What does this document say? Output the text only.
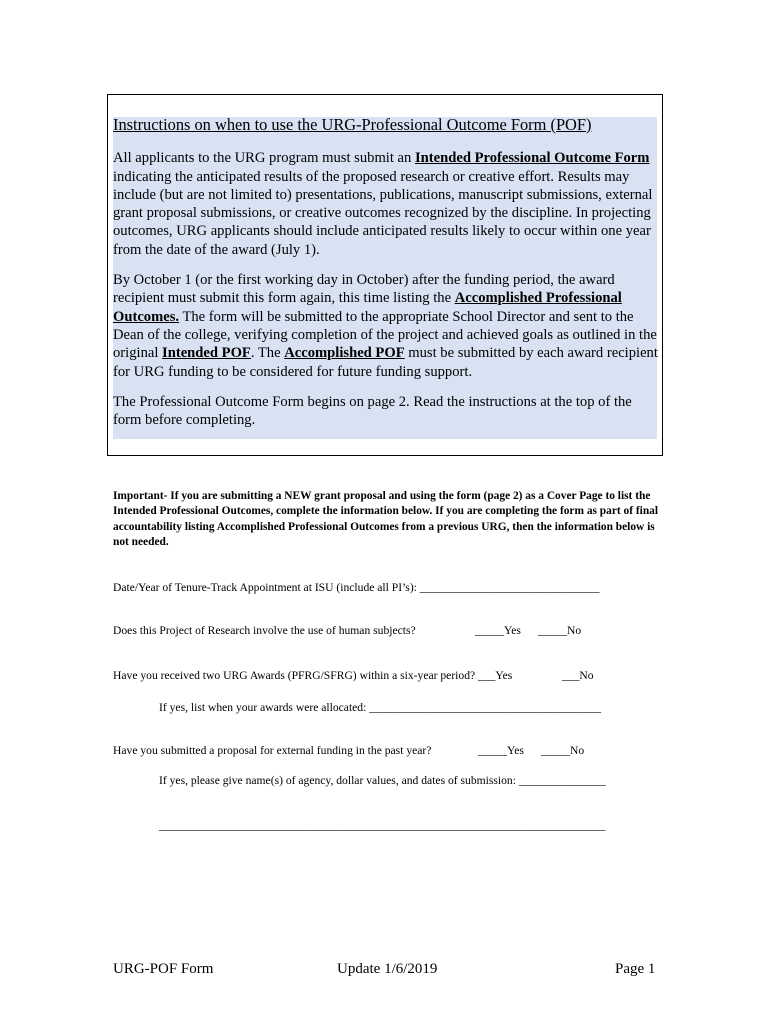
Instructions on when to use the URG-Professional Outcome Form (POF)

All applicants to the URG program must submit an Intended Professional Outcome Form indicating the anticipated results of the proposed research or creative effort. Results may include (but are not limited to) presentations, publications, manuscript submissions, external grant proposal submissions, or creative outcomes recognized by the discipline. In projecting outcomes, URG applicants should include anticipated results likely to occur within one year from the date of the award (July 1).

By October 1 (or the first working day in October) after the funding period, the award recipient must submit this form again, this time listing the Accomplished Professional Outcomes. The form will be submitted to the appropriate School Director and sent to the Dean of the college, verifying completion of the project and achieved goals as outlined in the original Intended POF. The Accomplished POF must be submitted by each award recipient for URG funding to be considered for future funding support.

The Professional Outcome Form begins on page 2. Read the instructions at the top of the form before completing.

Important- If you are submitting a NEW grant proposal and using the form (page 2) as a Cover Page to list the Intended Professional Outcomes, complete the information below. If you are completing the form as part of final accountability listing Accomplished Professional Outcomes from a previous URG, then the information below is not needed.
Date/Year of Tenure-Track Appointment at ISU (include all PI’s): _______________________________
Does this Project of Research involve the use of human subjects?	_____Yes _____No
Have you received two URG Awards (PFRG/SFRG) within a six-year period? ___Yes	___No
If yes, list when your awards were allocated: ________________________________________
Have you submitted a proposal for external funding in the past year?	_____Yes _____No
If yes, please give name(s) of agency, dollar values, and dates of submission: _______________
_____________________________________________________________________________
URG-POF Form	Update 1/6/2019	Page 1
